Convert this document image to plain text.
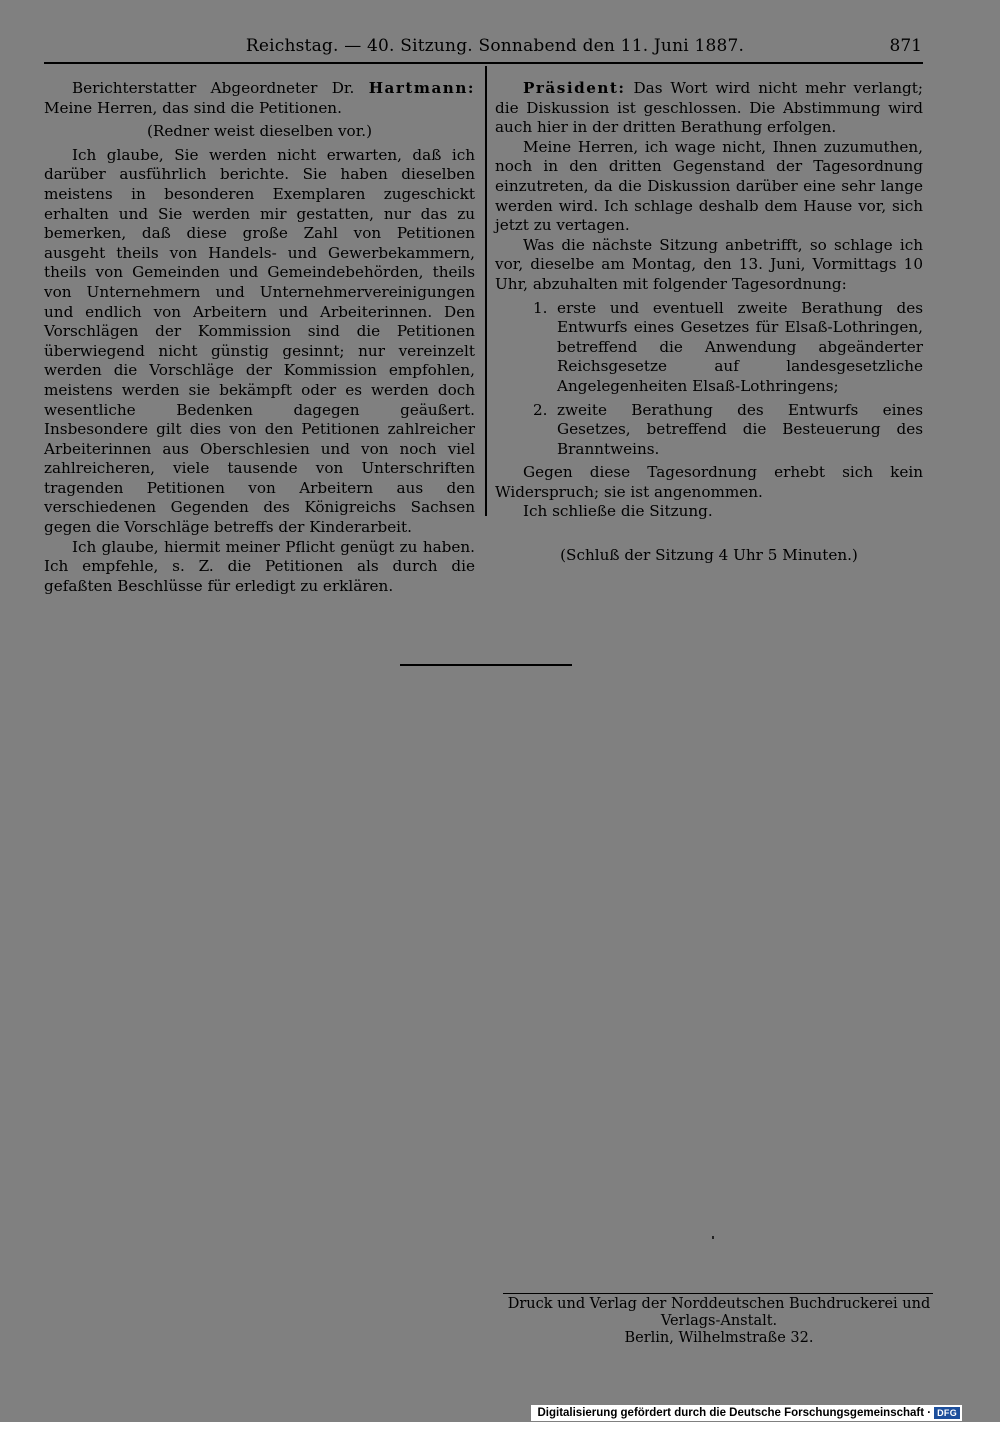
Reichstag. — 40. Sitzung. Sonnabend den 11. Juni 1887.	871

Berichterstatter Abgeordneter Dr. Hartmann: Meine Herren, das sind die Petitionen.

(Redner weist dieselben vor.)

Ich glaube, Sie werden nicht erwarten, daß ich darüber ausführlich berichte. Sie haben dieselben meistens in besonderen Exemplaren zugeschickt erhalten und Sie werden mir gestatten, nur das zu bemerken, daß diese große Zahl von Petitionen ausgeht theils von Handels- und Gewerbekammern, theils von Gemeinden und Gemeindebehörden, theils von Unternehmern und Unternehmervereinigungen und endlich von Arbeitern und Arbeiterinnen. Den Vorschlägen der Kommission sind die Petitionen überwiegend nicht günstig gesinnt; nur vereinzelt werden die Vorschläge der Kommission empfohlen, meistens werden sie bekämpft oder es werden doch wesentliche Bedenken dagegen geäußert. Insbesondere gilt dies von den Petitionen zahlreicher Arbeiterinnen aus Oberschlesien und von noch viel zahlreicheren, viele tausende von Unterschriften tragenden Petitionen von Arbeitern aus den verschiedenen Gegenden des Königreichs Sachsen gegen die Vorschläge betreffs der Kinderarbeit.

Ich glaube, hiermit meiner Pflicht genügt zu haben. Ich empfehle, s. Z. die Petitionen als durch die gefaßten Beschlüsse für erledigt zu erklären.

Präsident: Das Wort wird nicht mehr verlangt; die Diskussion ist geschlossen. Die Abstimmung wird auch hier in der dritten Berathung erfolgen.

Meine Herren, ich wage nicht, Ihnen zuzumuthen, noch in den dritten Gegenstand der Tagesordnung einzutreten, da die Diskussion darüber eine sehr lange werden wird. Ich schlage deshalb dem Hause vor, sich jetzt zu vertagen.

Was die nächste Sitzung anbetrifft, so schlage ich vor, dieselbe am Montag, den 13. Juni, Vormittags 10 Uhr, abzuhalten mit folgender Tagesordnung:

1. erste und eventuell zweite Berathung des Entwurfs eines Gesetzes für Elsaß-Lothringen, betreffend die Anwendung abgeänderter Reichsgesetze auf landesgesetzliche Angelegenheiten Elsaß-Lothringens;
2. zweite Berathung des Entwurfs eines Gesetzes, betreffend die Besteuerung des Branntweins.

Gegen diese Tagesordnung erhebt sich kein Widerspruch; sie ist angenommen.

Ich schließe die Sitzung.

(Schluß der Sitzung 4 Uhr 5 Minuten.)
Druck und Verlag der Norddeutschen Buchdruckerei und Verlags-Anstalt.
Berlin, Wilhelmstraße 32.
Digitalisierung gefördert durch die Deutsche Forschungsgemeinschaft · DFG
